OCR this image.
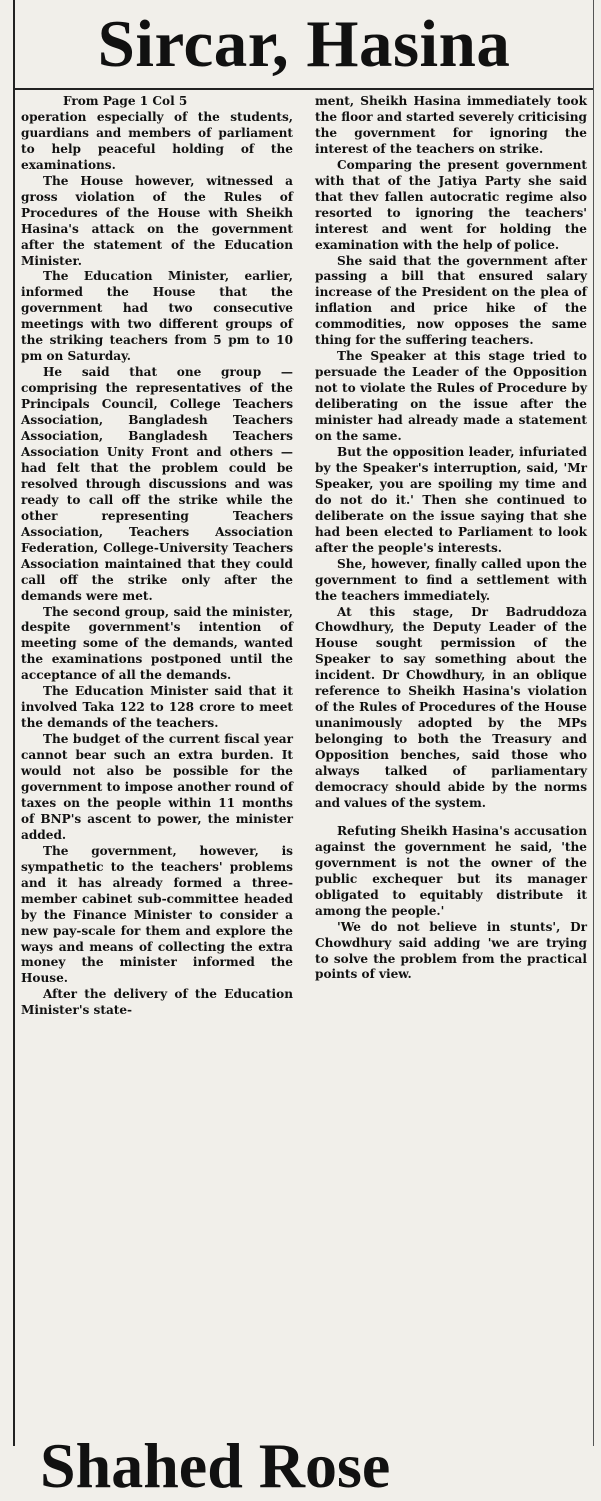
Sircar, Hasina

From Page 1 Col 5

operation especially of the students, guardians and members of parliament to help peaceful holding of the examinations.

The House however, witnessed a gross violation of the Rules of Procedures of the House with Sheikh Hasina's attack on the government after the statement of the Education Minister.

The Education Minister, earlier, informed the House that the government had two consecutive meetings with two different groups of the striking teachers from 5 pm to 10 pm on Saturday.

He said that one group — comprising the representatives of the Principals Council, College Teachers Association, Bangladesh Teachers Association, Bangladesh Teachers Association Unity Front and others — had felt that the problem could be resolved through discussions and was ready to call off the strike while the other representing Teachers Association, Teachers Association Federation, College-University Teachers Association maintained that they could call off the strike only after the demands were met.

The second group, said the minister, despite government's intention of meeting some of the demands, wanted the examinations postponed until the acceptance of all the demands.

The Education Minister said that it involved Taka 122 to 128 crore to meet the demands of the teachers.

The budget of the current fiscal year cannot bear such an extra burden. It would not also be possible for the government to impose another round of taxes on the people within 11 months of BNP's ascent to power, the minister added.

The government, however, is sympathetic to the teachers' problems and it has already formed a three-member cabinet sub-committee headed by the Finance Minister to consider a new pay-scale for them and explore the ways and means of collecting the extra money the minister informed the House.

After the delivery of the Education Minister's state-

ment, Sheikh Hasina immediately took the floor and started severely criticising the government for ignoring the interest of the teachers on strike.

Comparing the present government with that of the Jatiya Party she said that thev fallen autocratic regime also resorted to ignoring the teachers' interest and went for holding the examination with the help of police.

She said that the government after passing a bill that ensured salary increase of the President on the plea of inflation and price hike of the commodities, now opposes the same thing for the suffering teachers.

The Speaker at this stage tried to persuade the Leader of the Opposition not to violate the Rules of Procedure by deliberating on the issue after the minister had already made a statement on the same.

But the opposition leader, infuriated by the Speaker's interruption, said, 'Mr Speaker, you are spoiling my time and do not do it.' Then she continued to deliberate on the issue saying that she had been elected to Parliament to look after the people's interests.

She, however, finally called upon the government to find a settlement with the teachers immediately.

At this stage, Dr Badruddoza Chowdhury, the Deputy Leader of the House sought permission of the Speaker to say something about the incident. Dr Chowdhury, in an oblique reference to Sheikh Hasina's violation of the Rules of Procedures of the House unanimously adopted by the MPs belonging to both the Treasury and Opposition benches, said those who always talked of parliamentary democracy should abide by the norms and values of the system.

Refuting Sheikh Hasina's accusation against the government he said, 'the government is not the owner of the public exchequer but its manager obligated to equitably distribute it among the people.'

'We do not believe in stunts', Dr Chowdhury said adding 'we are trying to solve the problem from the practical points of view.

Shahed Rose
